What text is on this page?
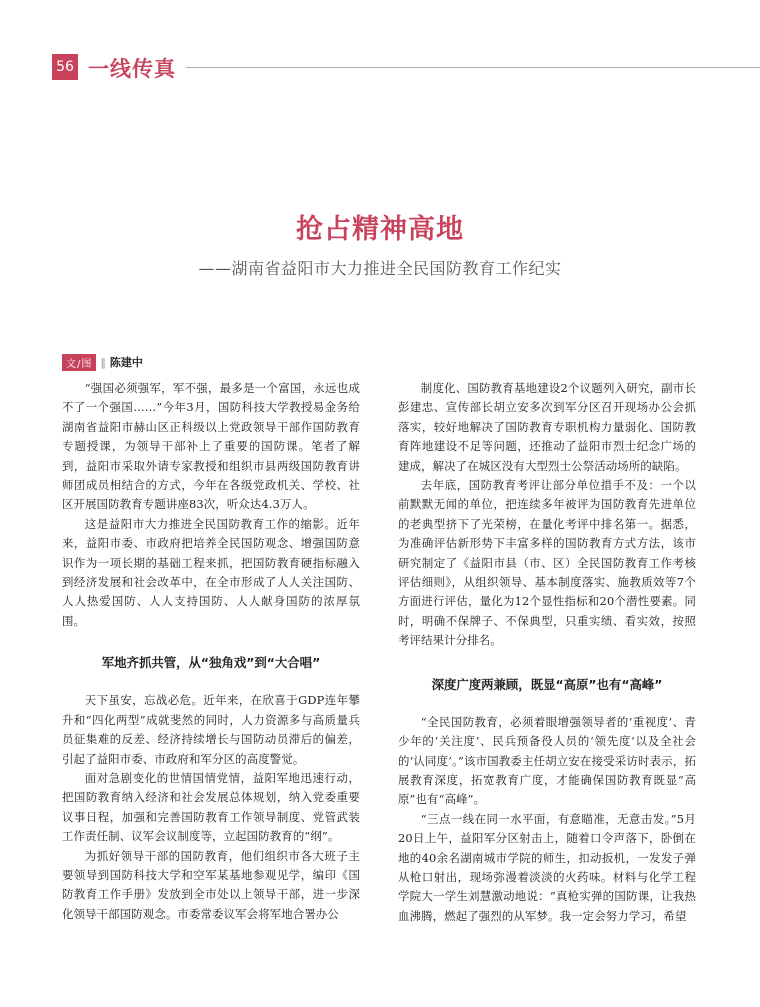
56 一线传真
抢占精神高地
——湖南省益阳市大力推进全民国防教育工作纪实
文/图 ‖ 陈建中

“强国必须强军，军不强，最多是一个富国，永远也成不了一个强国……”今年3月，国防科技大学教授易金务给湖南省益阳市赫山区正科级以上党政领导干部作国防教育专题授课，为领导干部补上了重要的国防课。笔者了解到，益阳市采取外请专家教授和组织市县两级国防教育讲师团成员相结合的方式，今年在各级党政机关、学校、社区开展国防教育专题讲座83次，听众达4.3万人。

这是益阳市大力推进全民国防教育工作的缩影。近年来，益阳市委、市政府把培养全民国防观念、增强国防意识作为一项长期的基础工程来抓，把国防教育硬指标融入到经济发展和社会改革中，在全市形成了人人关注国防、人人热爱国防、人人支持国防、人人献身国防的浓厚氛围。

军地齐抓共管，从“独角戏”到“大合唱”

天下虽安，忘战必危。近年来，在欣喜于GDP连年攀升和“四化两型”成就斐然的同时，人力资源多与高质量兵员征集难的反差、经济持续增长与国防动员滞后的偏差，引起了益阳市委、市政府和军分区的高度警觉。

面对急剧变化的世情国情党情，益阳军地迅速行动，把国防教育纳入经济和社会发展总体规划，纳入党委重要议事日程，加强和完善国防教育工作领导制度、党管武装工作责任制、议军会议制度等，立起国防教育的“纲”。

为抓好领导干部的国防教育，他们组织市各大班子主要领导到国防科技大学和空军某基地参观见学，编印《国防教育工作手册》发放到全市处以上领导干部，进一步深化领导干部国防观念。市委常委议军会将军地合署办公

制度化、国防教育基地建设2个议题列入研究，副市长彭建忠、宣传部长胡立安多次到军分区召开现场办公会抓落实，较好地解决了国防教育专职机构力量弱化、国防教育阵地建设不足等问题，还推动了益阳市烈士纪念广场的建成，解决了在城区没有大型烈士公祭活动场所的缺陷。

去年底，国防教育考评让部分单位措手不及：一个以前默默无闻的单位，把连续多年被评为国防教育先进单位的老典型挤下了光荣榜，在量化考评中排名第一。据悉，为准确评估新形势下丰富多样的国防教育方式方法，该市研究制定了《益阳市县（市、区）全民国防教育工作考核评估细则》，从组织领导、基本制度落实、施教质效等7个方面进行评估，量化为12个显性指标和20个潜性要素。同时，明确不保牌子、不保典型，只重实绩、看实效，按照考评结果计分排名。

深度广度两兼顾，既显“高原”也有“高峰”

“全民国防教育，必须着眼增强领导者的‘重视度’、青少年的‘关注度’、民兵预备役人员的‘领先度’以及全社会的‘认同度’。”该市国教委主任胡立安在接受采访时表示，拓展教育深度，拓宽教育广度，才能确保国防教育既显“高原”也有“高峰”。

“三点一线在同一水平面，有意瞄准，无意击发。”5月20日上午，益阳军分区射击上，随着口令声落下，卧倒在地的40余名湖南城市学院的师生，扣动扳机，一发发子弹从枪口射出，现场弥漫着淡淡的火药味。材料与化学工程学院大一学生刘慧激动地说：“真枪实弹的国防课，让我热血沸腾，燃起了强烈的从军梦。我一定会努力学习，希望
